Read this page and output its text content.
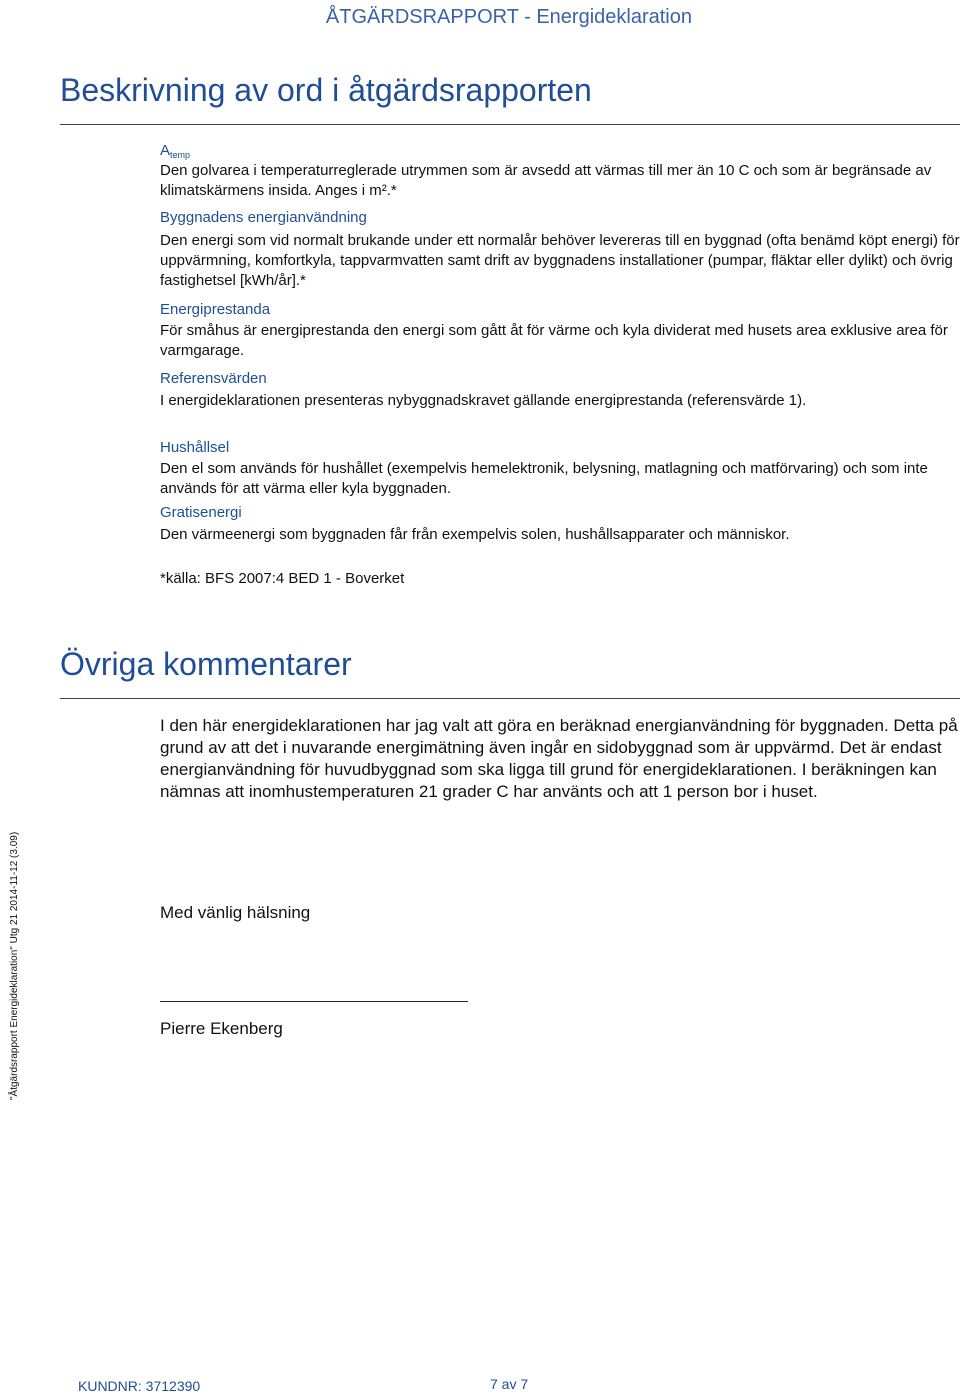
ÅTGÄRDSRAPPORT - Energideklaration
Beskrivning av ord i åtgärdsrapporten
$A_{temp}$
Den golvarea i temperaturreglerade utrymmen som är avsedd att värmas till mer än 10 C och som är begränsade av klimatskärmens insida. Anges i m².*
Byggnadens energianvändning
Den energi som vid normalt brukande under ett normalår behöver levereras till en byggnad (ofta benämd köpt energi) för uppvärmning, komfortkyla, tappvarmvatten samt drift av byggnadens installationer (pumpar, fläktar eller dylikt) och övrig fastighetsel [kWh/år].*
Energiprestanda
För småhus är energiprestanda den energi som gått åt för värme och kyla dividerat med husets area exklusive area för varmgarage.
Referensvärden
I energideklarationen presenteras nybyggnadskravet gällande energiprestanda (referensvärde 1).
Hushållsel
Den el som används för hushållet (exempelvis hemelektronik, belysning, matlagning och matförvaring) och som inte används för att värma eller kyla byggnaden.
Gratisenergi
Den värmeenergi som byggnaden får från exempelvis solen, hushållsapparater och människor.
*källa: BFS 2007:4 BED 1 - Boverket
Övriga kommentarer
I den här energideklarationen har jag valt att göra en beräknad energianvändning för byggnaden. Detta på grund av att det i nuvarande energimätning även ingår en sidobyggnad som är uppvärmd. Det är endast energianvändning för huvudbyggnad som ska ligga till grund för energideklarationen. I beräkningen kan nämnas att inomhustemperaturen 21 grader C har använts och att 1 person bor i huset.
Med vänlig hälsning
Pierre Ekenberg
"Åtgärdsrapport Energideklaration" Utg 21 2014-11-12 (3.09)
KUNDNR: 3712390	7 av 7
